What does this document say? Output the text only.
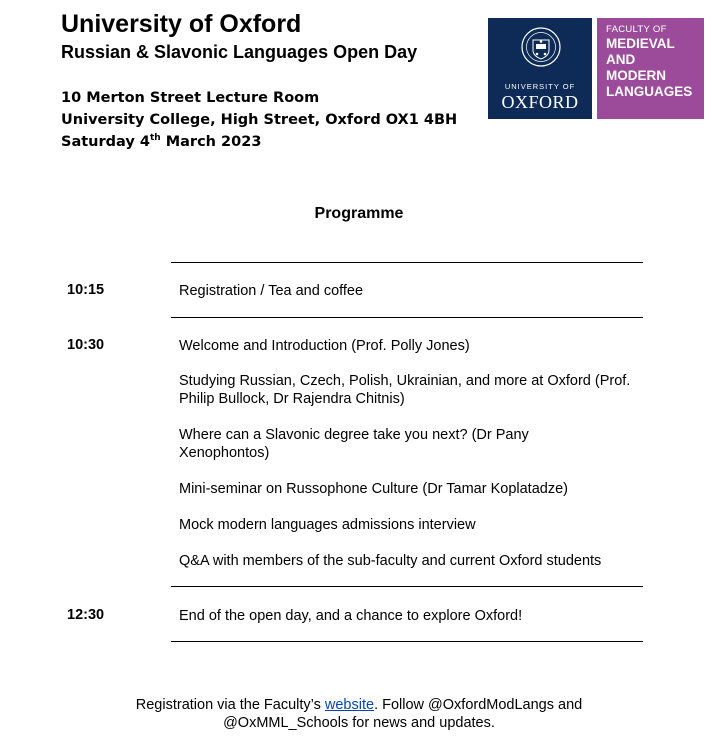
University of Oxford
Russian & Slavonic Languages Open Day
10 Merton Street Lecture Room
University College, High Street, Oxford OX1 4BH
Saturday 4th March 2023
UNIVERSITY OF
OXFORD
FACULTY OF
MEDIEVAL
AND
MODERN
LANGUAGES
Programme
10:15	Registration / Tea and coffee
10:30	Welcome and Introduction (Prof. Polly Jones)
Studying Russian, Czech, Polish, Ukrainian, and more at Oxford (Prof. Philip Bullock, Dr Rajendra Chitnis)
Where can a Slavonic degree take you next? (Dr Pany Xenophontos)
Mini-seminar on Russophone Culture (Dr Tamar Koplatadze)
Mock modern languages admissions interview
Q&A with members of the sub-faculty and current Oxford students
12:30	End of the open day, and a chance to explore Oxford!
Registration via the Faculty’s website. Follow @OxfordModLangs and
@OxMML_Schools for news and updates.
